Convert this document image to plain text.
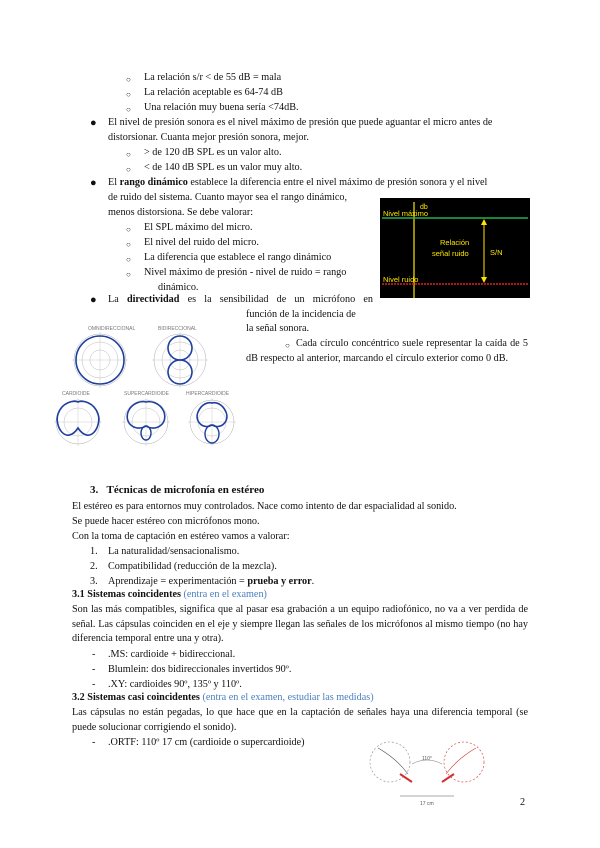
○ La relación s/r < de 55 dB = mala
○ La relación aceptable es 64-74 dB
○ Una relación muy buena sería <74dB.
● El nivel de presión sonora es el nivel máximo de presión que puede aguantar el micro antes de distorsionar. Cuanta mejor presión sonora, mejor.
○ > de 120 dB SPL es un valor alto.
○ < de 140 dB SPL es un valor muy alto.
● El rango dinámico establece la diferencia entre el nivel máximo de presión sonora y el nivel
de ruido del sistema. Cuanto mayor sea el rango dinámico,
menos distorsiona. Se debe valorar:
○ El SPL máximo del micro.
○ El nivel del ruido del micro.
○ La diferencia que establece el rango dinámico
○ Nivel máximo de presión - nivel de ruido = rango
dinámico.
db
Nivel máximo
Nivel ruido
Relación
señal ruido	S/N
● La directividad es la sensibilidad de un micrófono en
función de la incidencia de
la señal sonora.
○ Cada círculo concéntrico suele representar la caída de 5 dB respecto al anterior, marcando el círculo exterior como 0 dB.
OMNIDIRECCIONAL	BIDIRECCIONAL
CARDIOIDE	SUPERCARDIOIDE	HIPERCARDIOIDE
3. Técnicas de microfonía en estéreo
El estéreo es para entornos muy controlados. Nace como intento de dar espacialidad al sonido.
Se puede hacer estéreo con micrófonos mono.
Con la toma de captación en estéreo vamos a valorar:
1. La naturalidad/sensacionalismo.
2. Compatibilidad (reducción de la mezcla).
3. Aprendizaje = experimentación = prueba y error.
3.1 Sistemas coincidentes (entra en el examen)
Son las más compatibles, significa que al pasar esa grabación a un equipo radiofónico, no va a ver perdida de señal. Las cápsulas coinciden en el eje y siempre llegan las señales de los micrófonos al mismo tiempo (no hay diferencia temporal entre una y otra).
- .MS: cardioide + bidireccional.
- Blumlein: dos bidireccionales invertidos 90º.
- .XY: cardioides 90º, 135º y 110º.
3.2 Sistemas casi coincidentes (entra en el examen, estudiar las medidas)
Las cápsulas no están pegadas, lo que hace que en la captación de señales haya una diferencia temporal (se puede solucionar corrigiendo el sonido).
- .ORTF: 110º 17 cm (cardioide o supercardioide)
110°
17 cm	2
